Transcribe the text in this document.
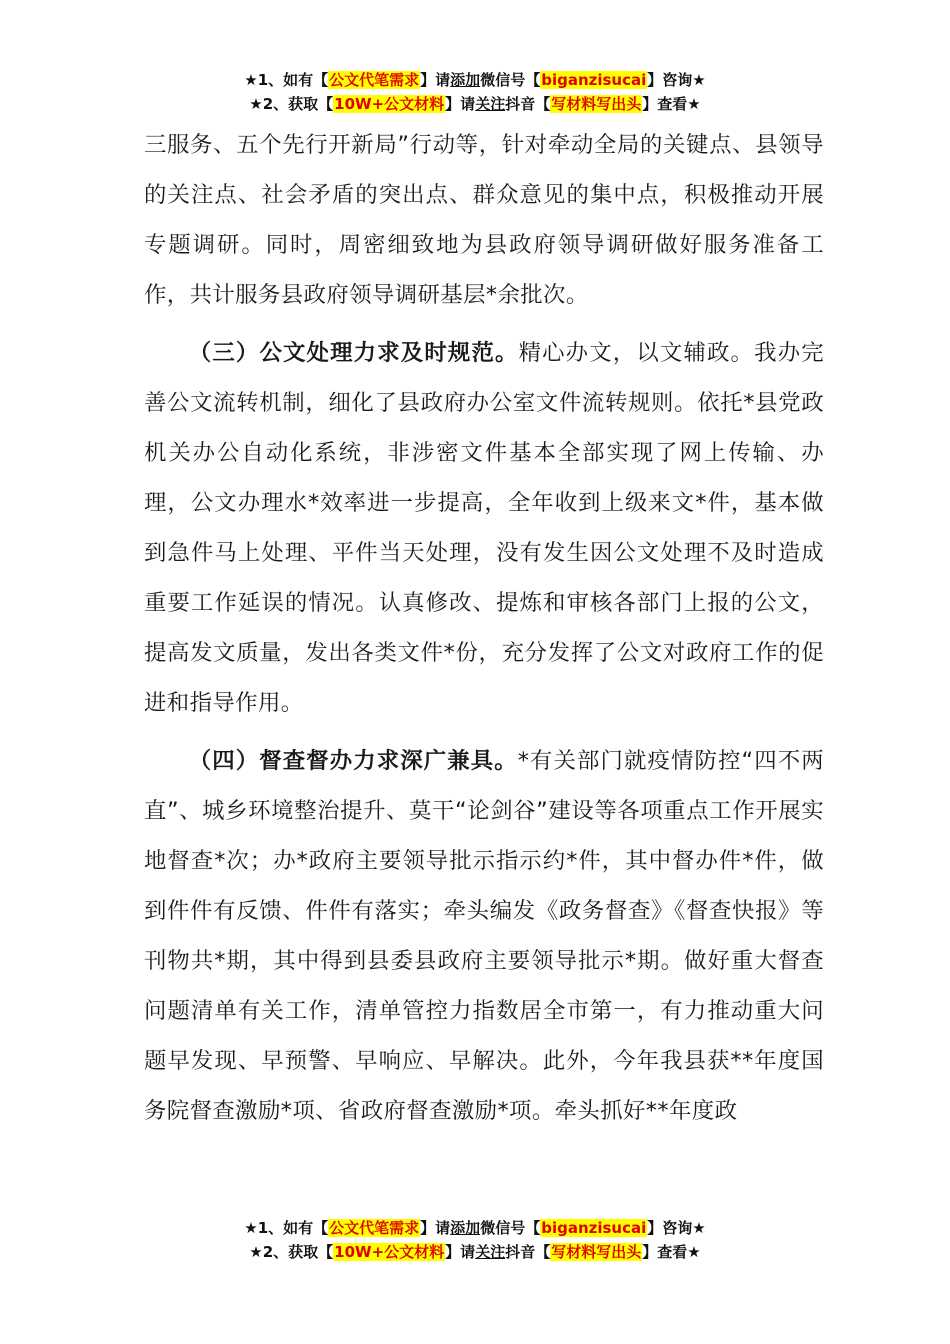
★1、如有【公文代笔需求】请添加微信号【biganzisucai】咨询★
★2、获取【10W+公文材料】请关注抖音【写材料写出头】查看★

三服务、五个先行开新局”行动等，针对牵动全局的关键点、县领导的关注点、社会矛盾的突出点、群众意见的集中点，积极推动开展专题调研。同时，周密细致地为县政府领导调研做好服务准备工作，共计服务县政府领导调研基层*余批次。

（三）公文处理力求及时规范。精心办文，以文辅政。我办完善公文流转机制，细化了县政府办公室文件流转规则。依托*县党政机关办公自动化系统，非涉密文件基本全部实现了网上传输、办理，公文办理水*效率进一步提高，全年收到上级来文*件，基本做到急件马上处理、平件当天处理，没有发生因公文处理不及时造成重要工作延误的情况。认真修改、提炼和审核各部门上报的公文，提高发文质量，发出各类文件*份，充分发挥了公文对政府工作的促进和指导作用。

（四）督查督办力求深广兼具。*有关部门就疫情防控“四不两直”、城乡环境整治提升、莫干“论剑谷”建设等各项重点工作开展实地督查*次；办*政府主要领导批示指示约*件，其中督办件*件，做到件件有反馈、件件有落实；牵头编发《政务督查》《督查快报》等刊物共*期，其中得到县委县政府主要领导批示*期。做好重大督查问题清单有关工作，清单管控力指数居全市第一，有力推动重大问题早发现、早预警、早响应、早解决。此外，今年我县获**年度国务院督查激励*项、省政府督查激励*项。牵头抓好**年度政

★1、如有【公文代笔需求】请添加微信号【biganzisucai】咨询★
★2、获取【10W+公文材料】请关注抖音【写材料写出头】查看★
